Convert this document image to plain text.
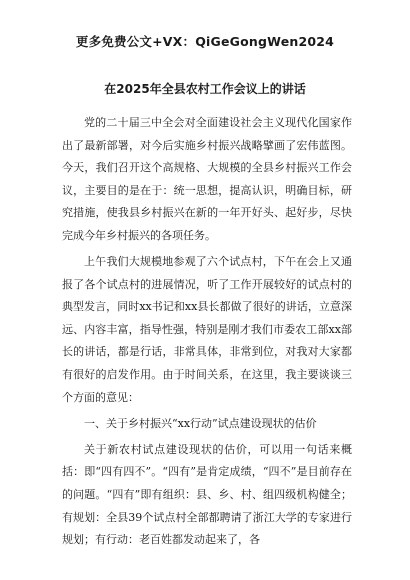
更多免费公文+VX：QiGeGongWen2024
在2025年全县农村工作会议上的讲话

党的二十届三中全会对全面建设社会主义现代化国家作出了最新部署，对今后实施乡村振兴战略擘画了宏伟蓝图。今天，我们召开这个高规格、大规模的全县乡村振兴工作会议，主要目的是在于：统一思想，提高认识，明确目标，研究措施，使我县乡村振兴在新的一年开好头、起好步，尽快完成今年乡村振兴的各项任务。

上午我们大规模地参观了六个试点村，下午在会上又通报了各个试点村的进展情况，听了工作开展较好的试点村的典型发言，同时xx书记和xx县长都做了很好的讲话，立意深远、内容丰富，指导性强，特别是刚才我们市委农工部xx部长的讲话，都是行话，非常具体，非常到位，对我对大家都有很好的启发作用。由于时间关系，在这里，我主要谈谈三个方面的意见：

一、关于乡村振兴“xx行动”试点建设现状的估价

关于新农村试点建设现状的估价，可以用一句话来概括：即“四有四不”。“四有”是肯定成绩，“四不”是目前存在的问题。“四有”即有组织：县、乡、村、组四级机构健全；有规划：全县39个试点村全部都聘请了浙江大学的专家进行规划；有行动：老百姓都发动起来了，各
